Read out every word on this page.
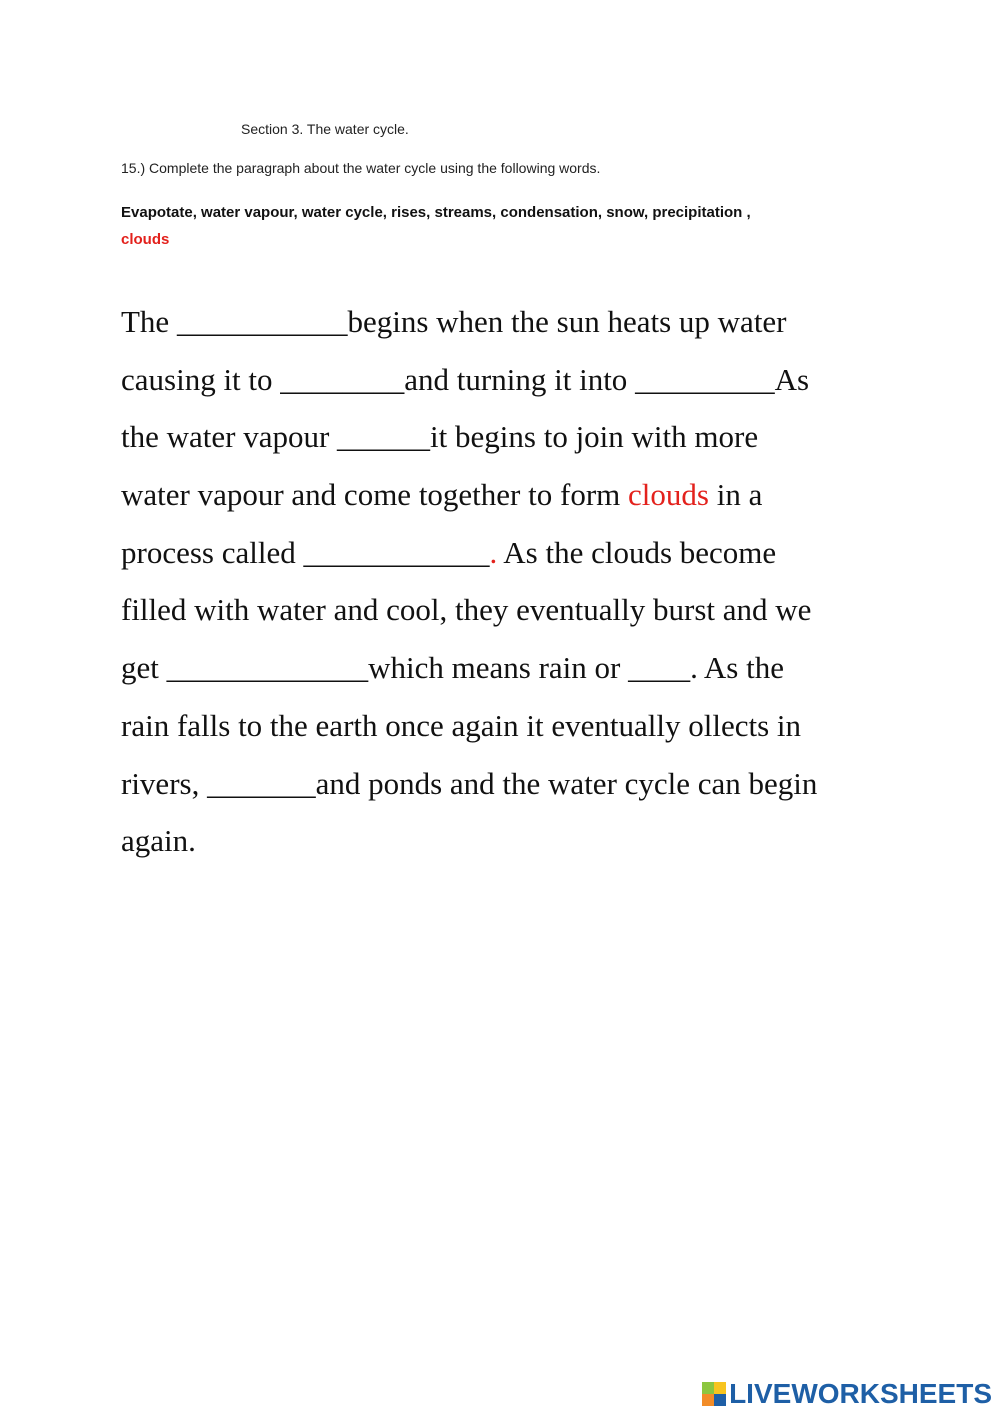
Section 3. The water cycle.

15.) Complete the paragraph about the water cycle using the following words.

Evapotate, water vapour, water cycle, rises, streams, condensation, snow, precipitation ,
clouds
The ___________begins when the sun heats up water
causing it to ________and turning it into _________As
the water vapour ______it begins to join with more
water vapour and come together to form clouds in a
process called ____________. As the clouds become
filled with water and cool, they eventually burst and we
get _____________which means rain or ____. As the
rain falls to the earth once again it eventually ollects in
rivers, _______and ponds and the water cycle can begin
again.
LIVEWORKSHEETS
